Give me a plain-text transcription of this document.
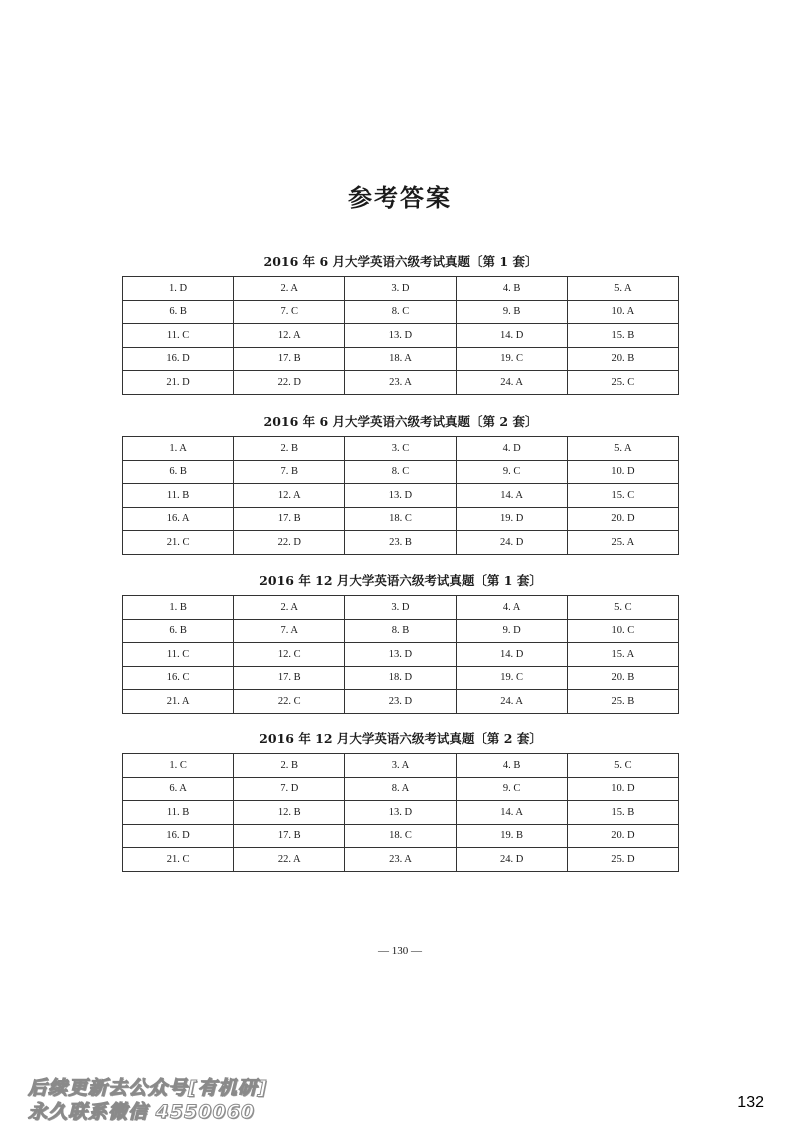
参考答案
2016 年 6 月大学英语六级考试真题〔第 1 套〕
1. D	2. A	3. D	4. B	5. A
6. B	7. C	8. C	9. B	10. A
11. C	12. A	13. D	14. D	15. B
16. D	17. B	18. A	19. C	20. B
21. D	22. D	23. A	24. A	25. C
2016 年 6 月大学英语六级考试真题〔第 2 套〕
1. A	2. B	3. C	4. D	5. A
6. B	7. B	8. C	9. C	10. D
11. B	12. A	13. D	14. A	15. C
16. A	17. B	18. C	19. D	20. D
21. C	22. D	23. B	24. D	25. A
2016 年 12 月大学英语六级考试真题〔第 1 套〕
1. B	2. A	3. D	4. A	5. C
6. B	7. A	8. B	9. D	10. C
11. C	12. C	13. D	14. D	15. A
16. C	17. B	18. D	19. C	20. B
21. A	22. C	23. D	24. A	25. B
2016 年 12 月大学英语六级考试真题〔第 2 套〕
1. C	2. B	3. A	4. B	5. C
6. A	7. D	8. A	9. C	10. D
11. B	12. B	13. D	14. A	15. B
16. D	17. B	18. C	19. B	20. D
21. C	22. A	23. A	24. D	25. D
— 130 —
后续更新去公众号[有机研]
永久联系微信 4550060	132
